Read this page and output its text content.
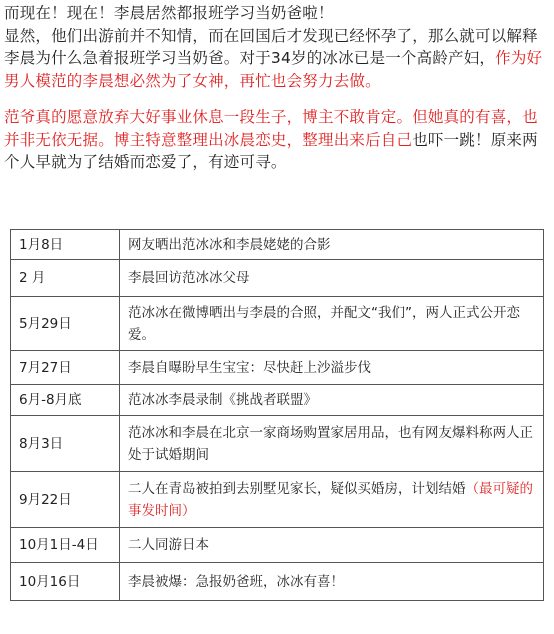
而现在！现在！李晨居然都报班学习当奶爸啦！

显然，他们出游前并不知情，而在回国后才发现已经怀孕了，那么就可以解释李晨为什么急着报班学习当奶爸。对于34岁的冰冰已是一个高龄产妇，作为好男人模范的李晨想必然为了女神，再忙也会努力去做。

范爷真的愿意放弃大好事业休息一段生子，博主不敢肯定。但她真的有喜，也并非无依无据。博主特意整理出冰晨恋史，整理出来后自己也吓一跳！原来两个人早就为了结婚而恋爱了，有迹可寻。

1月8日	网友晒出范冰冰和李晨姥姥的合影
2 月	李晨回访范冰冰父母
5月29日	范冰冰在微博晒出与李晨的合照，并配文“我们”，两人正式公开恋爱。
7月27日	李晨自曝盼早生宝宝：尽快赶上沙溢步伐
6月-8月底	范冰冰李晨录制《挑战者联盟》
8月3日	范冰冰和李晨在北京一家商场购置家居用品，也有网友爆料称两人正处于试婚期间
9月22日	二人在青岛被拍到去别墅见家长，疑似买婚房，计划结婚（最可疑的事发时间）
10月1日-4日	二人同游日本
10月16日	李晨被爆：急报奶爸班，冰冰有喜！
